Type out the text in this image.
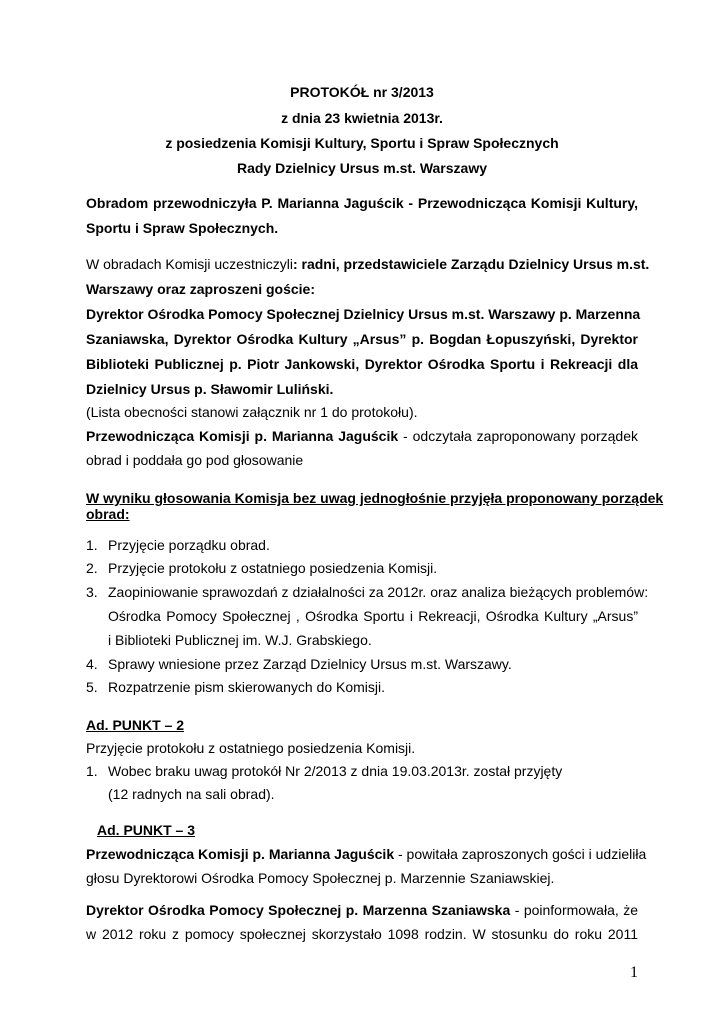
PROTOKÓŁ nr 3/2013
z dnia 23 kwietnia 2013r.
z posiedzenia Komisji Kultury, Sportu i Spraw Społecznych
Rady Dzielnicy Ursus m.st. Warszawy
Obradom przewodniczyła P. Marianna Jaguścik - Przewodnicząca Komisji Kultury,
Sportu i Spraw Społecznych.
W obradach Komisji uczestniczyli: radni, przedstawiciele Zarządu Dzielnicy Ursus m.st.
Warszawy oraz zaproszeni goście:
Dyrektor Ośrodka Pomocy Społecznej Dzielnicy Ursus m.st. Warszawy p. Marzenna
Szaniawska, Dyrektor Ośrodka Kultury „Arsus” p. Bogdan Łopuszyński, Dyrektor
Biblioteki Publicznej p. Piotr Jankowski, Dyrektor Ośrodka Sportu i Rekreacji dla
Dzielnicy Ursus p. Sławomir Luliński.
(Lista obecności stanowi załącznik nr 1 do protokołu).
Przewodnicząca Komisji p. Marianna Jaguścik - odczytała zaproponowany porządek
obrad i poddała go pod głosowanie
W wyniku głosowania Komisja bez uwag jednogłośnie przyjęła proponowany porządek
obrad:
1. Przyjęcie porządku obrad.
2. Przyjęcie protokołu z ostatniego posiedzenia Komisji.
3. Zaopiniowanie sprawozdań z działalności za 2012r. oraz analiza bieżących problemów:
Ośrodka Pomocy Społecznej , Ośrodka Sportu i Rekreacji, Ośrodka Kultury „Arsus”
i Biblioteki Publicznej im. W.J. Grabskiego.
4. Sprawy wniesione przez Zarząd Dzielnicy Ursus m.st. Warszawy.
5. Rozpatrzenie pism skierowanych do Komisji.
Ad. PUNKT – 2
Przyjęcie protokołu z ostatniego posiedzenia Komisji.
1. Wobec braku uwag protokół Nr 2/2013 z dnia 19.03.2013r. został przyjęty
(12 radnych na sali obrad).
Ad. PUNKT – 3
Przewodnicząca Komisji p. Marianna Jaguścik - powitała zaproszonych gości i udzieliła
głosu Dyrektorowi Ośrodka Pomocy Społecznej p. Marzennie Szaniawskiej.
Dyrektor Ośrodka Pomocy Społecznej p. Marzenna Szaniawska - poinformowała, że
w 2012 roku z pomocy społecznej skorzystało 1098 rodzin. W stosunku do roku 2011
1
